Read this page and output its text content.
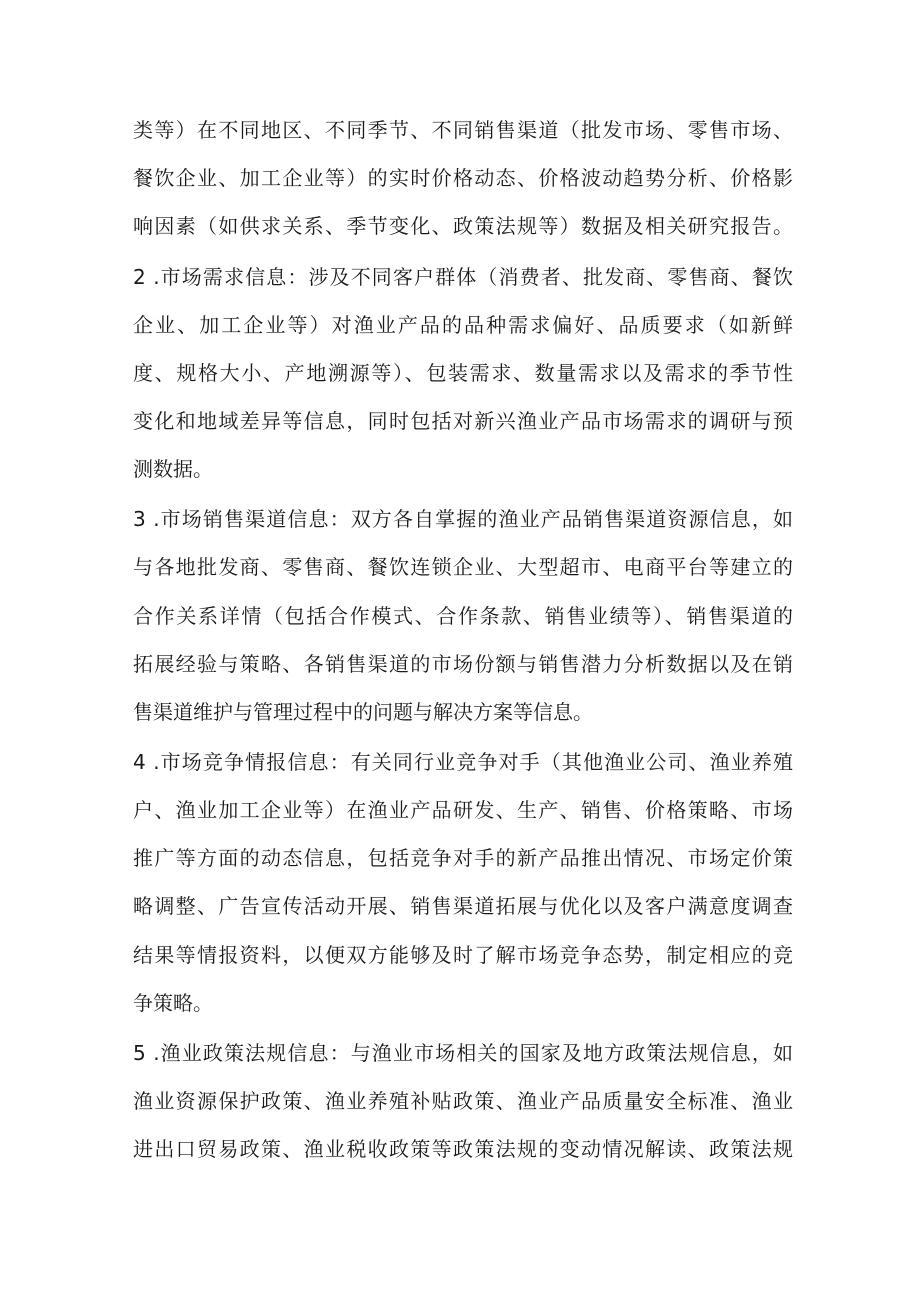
类等）在不同地区、不同季节、不同销售渠道（批发市场、零售市场、
餐饮企业、加工企业等）的实时价格动态、价格波动趋势分析、价格影
响因素（如供求关系、季节变化、政策法规等）数据及相关研究报告。
2 .市场需求信息：涉及不同客户群体（消费者、批发商、零售商、餐饮
企业、加工企业等）对渔业产品的品种需求偏好、品质要求（如新鲜
度、规格大小、产地溯源等）、包装需求、数量需求以及需求的季节性
变化和地域差异等信息，同时包括对新兴渔业产品市场需求的调研与预
测数据。
3 .市场销售渠道信息：双方各自掌握的渔业产品销售渠道资源信息，如
与各地批发商、零售商、餐饮连锁企业、大型超市、电商平台等建立的
合作关系详情（包括合作模式、合作条款、销售业绩等）、销售渠道的
拓展经验与策略、各销售渠道的市场份额与销售潜力分析数据以及在销
售渠道维护与管理过程中的问题与解决方案等信息。
4 .市场竞争情报信息：有关同行业竞争对手（其他渔业公司、渔业养殖
户、渔业加工企业等）在渔业产品研发、生产、销售、价格策略、市场
推广等方面的动态信息，包括竞争对手的新产品推出情况、市场定价策
略调整、广告宣传活动开展、销售渠道拓展与优化以及客户满意度调查
结果等情报资料，以便双方能够及时了解市场竞争态势，制定相应的竞
争策略。
5 .渔业政策法规信息：与渔业市场相关的国家及地方政策法规信息，如
渔业资源保护政策、渔业养殖补贴政策、渔业产品质量安全标准、渔业
进出口贸易政策、渔业税收政策等政策法规的变动情况解读、政策法规
